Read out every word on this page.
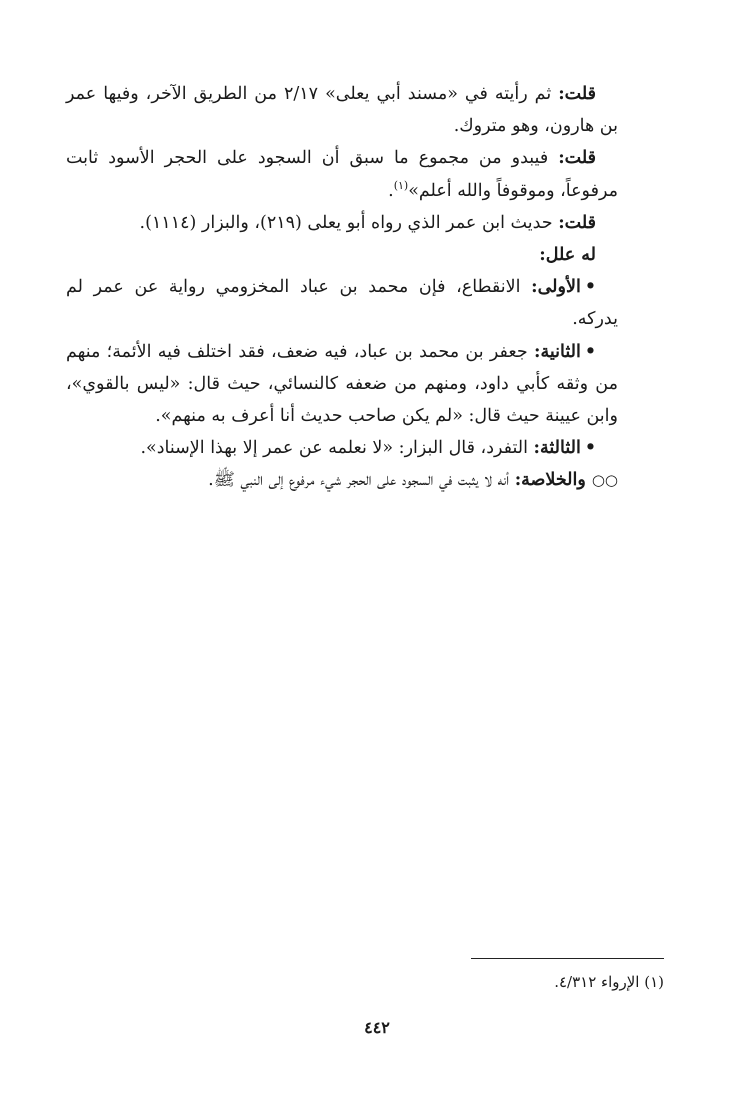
قلت: ثم رأيته في «مسند أبي يعلى» ٢/١٧ من الطريق الآخر، وفيها عمر بن هارون، وهو متروك.

قلت: فيبدو من مجموع ما سبق أن السجود على الحجر الأسود ثابت مرفوعاً، وموقوفاً والله أعلم»$^{(١)}$.

قلت: حديث ابن عمر الذي رواه أبو يعلى (٢١٩)، والبزار (١١١٤).

له علل:

•الأولى: الانقطاع، فإن محمد بن عباد المخزومي رواية عن عمر لم يدركه.

•الثانية: جعفر بن محمد بن عباد، فيه ضعف، فقد اختلف فيه الأئمة؛ منهم من وثقه كأبي داود، ومنهم من ضعفه كالنسائي، حيث قال: «ليس بالقوي»، وابن عيينة حيث قال: «لم يكن صاحب حديث أنا أعرف به منهم».

•الثالثة: التفرد، قال البزار: «لا نعلمه عن عمر إلا بهذا الإسناد».

○○والخلاصة: أنه لا يثبت في السجود على الحجر شيء مرفوع إلى النبي ﷺ.

(١) الإرواء ٤/٣١٢.
٤٤٢
